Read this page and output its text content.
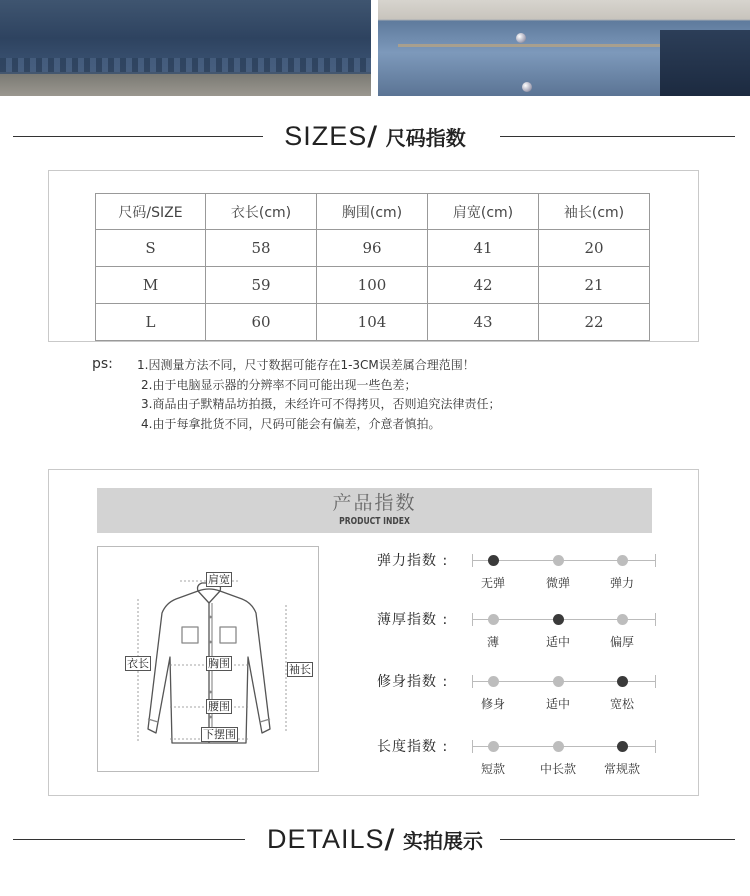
SIZES/ 尺码指数
尺码/SIZE	衣长(cm)	胸围(cm)	肩宽(cm)	袖长(cm)
S	58	96	41	20
M	59	100	42	21
L	60	104	43	22
ps: 1.因测量方法不同，尺寸数据可能存在1-3CM误差属合理范围！
2.由于电脑显示器的分辨率不同可能出现一些色差；
3.商品由子默精品坊拍摄，未经许可不得拷贝，否则追究法律责任；
4.由于每拿批货不同，尺码可能会有偏差，介意者慎拍。
产品指数
PRODUCT INDEX
肩宽
衣长	胸围	袖长
腰围
下摆围
弹力指数 :
无弹	微弹	弹力
薄厚指数 :
薄	适中	偏厚
修身指数 :
修身	适中	宽松
长度指数 :
短款	中长款	常规款
DETAILS/ 实拍展示
